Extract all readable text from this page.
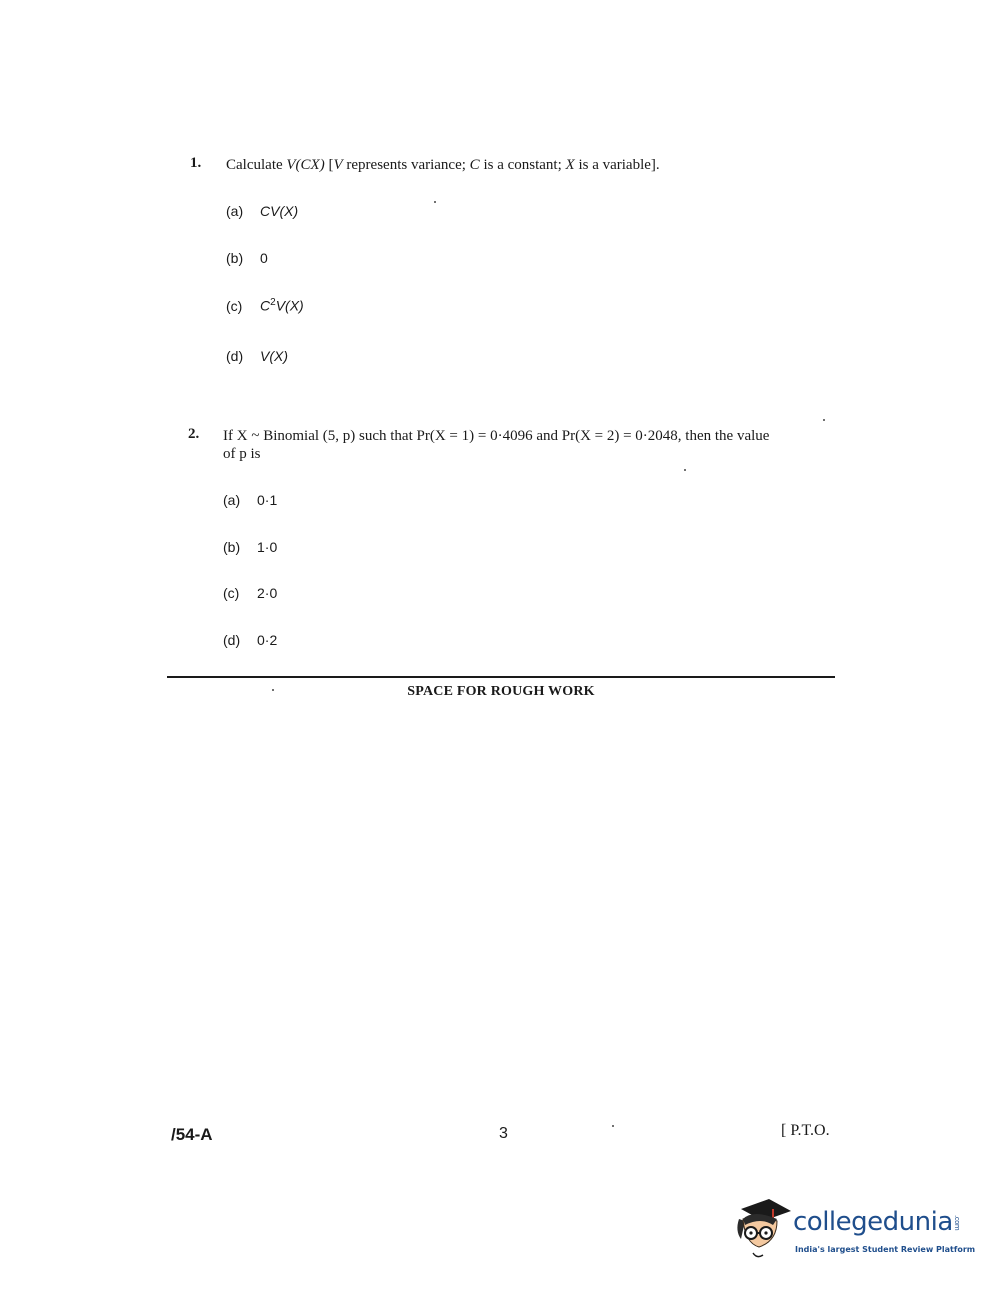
1. Calculate V(CX) [V represents variance; C is a constant; X is a variable].
(a) CV(X)
(b) 0
(c) $C^2V(X)$
(d) V(X)
2. If X ~ Binomial (5, p) such that Pr(X = 1) = 0·4096 and Pr(X = 2) = 0·2048, then the value
of p is
(a) 0·1
(b) 1·0
(c) 2·0
(d) 0·2
SPACE FOR ROUGH WORK
/54-A	3	[ P.T.O.
collegedunia.com
India's largest Student Review Platform
